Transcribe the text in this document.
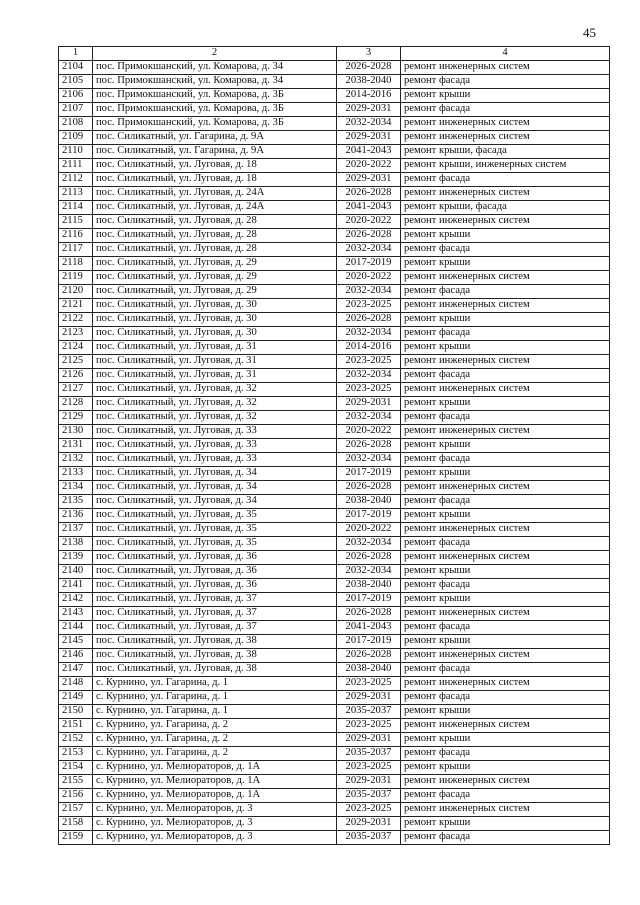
45
1	2	3	4
2104	пос. Примокшанский, ул. Комарова, д. 34	2026-2028	ремонт инженерных систем
2105	пос. Примокшанский, ул. Комарова, д. 34	2038-2040	ремонт фасада
2106	пос. Примокшанский, ул. Комарова, д. 3Б	2014-2016	ремонт крыши
2107	пос. Примокшанский, ул. Комарова, д. 3Б	2029-2031	ремонт фасада
2108	пос. Примокшанский, ул. Комарова, д. 3Б	2032-2034	ремонт инженерных систем
2109	пос. Силикатный, ул. Гагарина, д. 9А	2029-2031	ремонт инженерных систем
2110	пос. Силикатный, ул. Гагарина, д. 9А	2041-2043	ремонт крыши, фасада
2111	пос. Силикатный, ул. Луговая, д. 18	2020-2022	ремонт крыши, инженерных систем
2112	пос. Силикатный, ул. Луговая, д. 18	2029-2031	ремонт фасада
2113	пос. Силикатный, ул. Луговая, д. 24А	2026-2028	ремонт инженерных систем
2114	пос. Силикатный, ул. Луговая, д. 24А	2041-2043	ремонт крыши, фасада
2115	пос. Силикатный, ул. Луговая, д. 28	2020-2022	ремонт инженерных систем
2116	пос. Силикатный, ул. Луговая, д. 28	2026-2028	ремонт крыши
2117	пос. Силикатный, ул. Луговая, д. 28	2032-2034	ремонт фасада
2118	пос. Силикатный, ул. Луговая, д. 29	2017-2019	ремонт крыши
2119	пос. Силикатный, ул. Луговая, д. 29	2020-2022	ремонт инженерных систем
2120	пос. Силикатный, ул. Луговая, д. 29	2032-2034	ремонт фасада
2121	пос. Силикатный, ул. Луговая, д. 30	2023-2025	ремонт инженерных систем
2122	пос. Силикатный, ул. Луговая, д. 30	2026-2028	ремонт крыши
2123	пос. Силикатный, ул. Луговая, д. 30	2032-2034	ремонт фасада
2124	пос. Силикатный, ул. Луговая, д. 31	2014-2016	ремонт крыши
2125	пос. Силикатный, ул. Луговая, д. 31	2023-2025	ремонт инженерных систем
2126	пос. Силикатный, ул. Луговая, д. 31	2032-2034	ремонт фасада
2127	пос. Силикатный, ул. Луговая, д. 32	2023-2025	ремонт инженерных систем
2128	пос. Силикатный, ул. Луговая, д. 32	2029-2031	ремонт крыши
2129	пос. Силикатный, ул. Луговая, д. 32	2032-2034	ремонт фасада
2130	пос. Силикатный, ул. Луговая, д. 33	2020-2022	ремонт инженерных систем
2131	пос. Силикатный, ул. Луговая, д. 33	2026-2028	ремонт крыши
2132	пос. Силикатный, ул. Луговая, д. 33	2032-2034	ремонт фасада
2133	пос. Силикатный, ул. Луговая, д. 34	2017-2019	ремонт крыши
2134	пос. Силикатный, ул. Луговая, д. 34	2026-2028	ремонт инженерных систем
2135	пос. Силикатный, ул. Луговая, д. 34	2038-2040	ремонт фасада
2136	пос. Силикатный, ул. Луговая, д. 35	2017-2019	ремонт крыши
2137	пос. Силикатный, ул. Луговая, д. 35	2020-2022	ремонт инженерных систем
2138	пос. Силикатный, ул. Луговая, д. 35	2032-2034	ремонт фасада
2139	пос. Силикатный, ул. Луговая, д. 36	2026-2028	ремонт инженерных систем
2140	пос. Силикатный, ул. Луговая, д. 36	2032-2034	ремонт крыши
2141	пос. Силикатный, ул. Луговая, д. 36	2038-2040	ремонт фасада
2142	пос. Силикатный, ул. Луговая, д. 37	2017-2019	ремонт крыши
2143	пос. Силикатный, ул. Луговая, д. 37	2026-2028	ремонт инженерных систем
2144	пос. Силикатный, ул. Луговая, д. 37	2041-2043	ремонт фасада
2145	пос. Силикатный, ул. Луговая, д. 38	2017-2019	ремонт крыши
2146	пос. Силикатный, ул. Луговая, д. 38	2026-2028	ремонт инженерных систем
2147	пос. Силикатный, ул. Луговая, д. 38	2038-2040	ремонт фасада
2148	с. Курнино, ул. Гагарина, д. 1	2023-2025	ремонт инженерных систем
2149	с. Курнино, ул. Гагарина, д. 1	2029-2031	ремонт фасада
2150	с. Курнино, ул. Гагарина, д. 1	2035-2037	ремонт крыши
2151	с. Курнино, ул. Гагарина, д. 2	2023-2025	ремонт инженерных систем
2152	с. Курнино, ул. Гагарина, д. 2	2029-2031	ремонт крыши
2153	с. Курнино, ул. Гагарина, д. 2	2035-2037	ремонт фасада
2154	с. Курнино, ул. Мелиораторов, д. 1А	2023-2025	ремонт крыши
2155	с. Курнино, ул. Мелиораторов, д. 1А	2029-2031	ремонт инженерных систем
2156	с. Курнино, ул. Мелиораторов, д. 1А	2035-2037	ремонт фасада
2157	с. Курнино, ул. Мелиораторов, д. 3	2023-2025	ремонт инженерных систем
2158	с. Курнино, ул. Мелиораторов, д. 3	2029-2031	ремонт крыши
2159	с. Курнино, ул. Мелиораторов, д. 3	2035-2037	ремонт фасада
